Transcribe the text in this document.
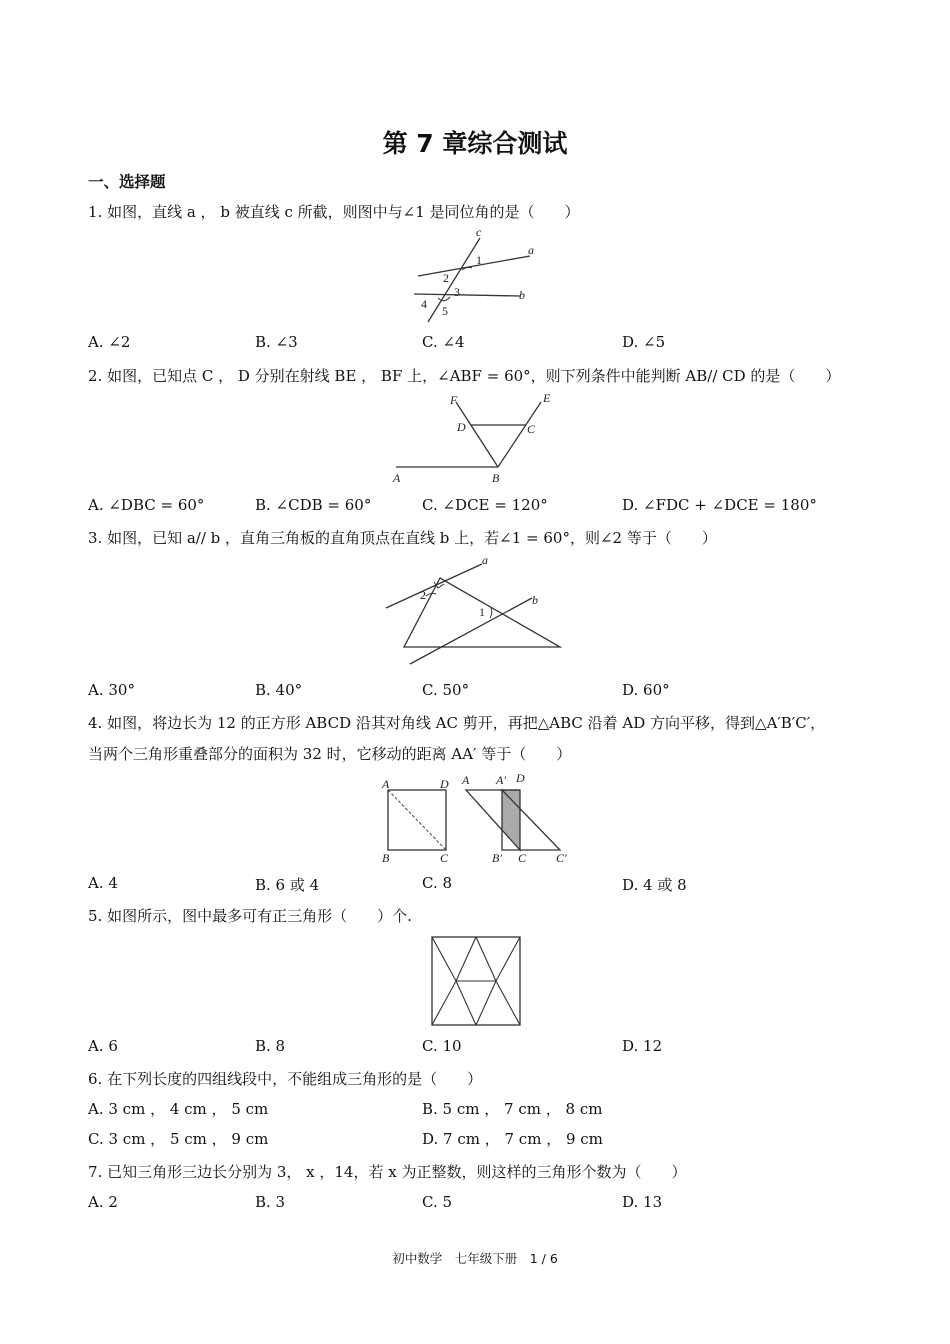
第 7 章综合测试
一、选择题
1. 如图，直线 a ， b 被直线 c 所截，则图中与∠1 是同位角的是（　　）
c
a
b
1
2
3
4 5
A. ∠2	B. ∠3	C. ∠4	D. ∠5
2. 如图，已知点 C ， D 分别在射线 BE ， BF 上，∠ABF = 60°，则下列条件中能判断 AB// CD 的是（　　）
F	E
D	C
A	B
A. ∠DBC = 60°	B. ∠CDB = 60°	C. ∠DCE = 120°	D. ∠FDC + ∠DCE = 180°
3. 如图，已知 a// b ，直角三角板的直角顶点在直线 b 上，若∠1 = 60°，则∠2 等于（　　）
a
b
2
1
A. 30°	B. 40°	C. 50°	D. 60°
4. 如图，将边长为 12 的正方形 ABCD 沿其对角线 AC 剪开，再把△ABC 沿着 AD 方向平移，得到△A′B′C′，
当两个三角形重叠部分的面积为 32 时，它移动的距离 AA′ 等于（　　）
A	D
B	C
A A′ D
B′ C C′
A. 4	B. 6 或 4	C. 8	D. 4 或 8
5. 如图所示，图中最多可有正三角形（　　）个.
A. 6	B. 8	C. 10	D. 12
6. 在下列长度的四组线段中，不能组成三角形的是（　　）
A. 3 cm ， 4 cm ， 5 cm	B. 5 cm ， 7 cm ， 8 cm
C. 3 cm ， 5 cm ， 9 cm	D. 7 cm ， 7 cm ， 9 cm
7. 已知三角形三边长分别为 3， x ，14，若 x 为正整数，则这样的三角形个数为（　　）
A. 2	B. 3	C. 5	D. 13
初中数学　七年级下册　1 / 6
